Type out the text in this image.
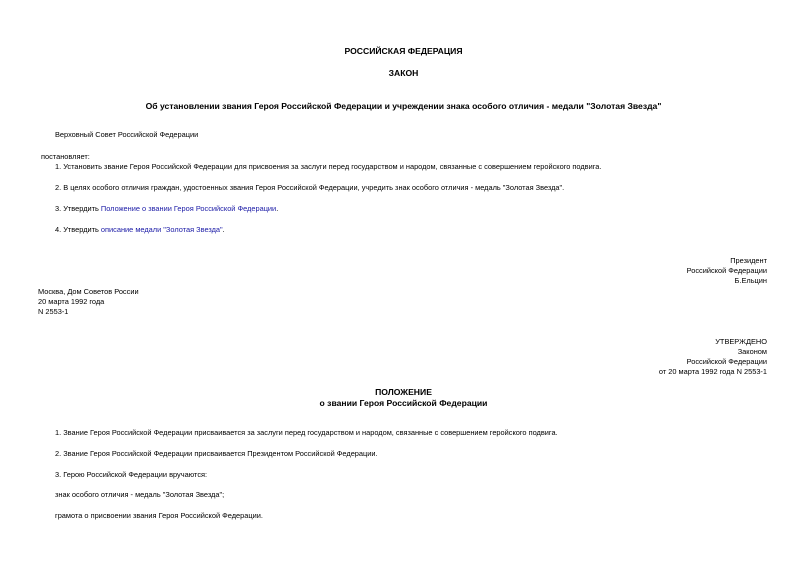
РОССИЙСКАЯ ФЕДЕРАЦИЯ
ЗАКОН
Об установлении звания Героя Российской Федерации и учреждении знака особого отличия - медали "Золотая Звезда"
Верховный Совет Российской Федерации
постановляет:
1. Установить звание Героя Российской Федерации для присвоения за заслуги перед государством и народом, связанные с совершением геройского подвига.
2. В целях особого отличия граждан, удостоенных звания Героя Российской Федерации, учредить знак особого отличия - медаль "Золотая Звезда".
3. Утвердить Положение о звании Героя Российской Федерации.
4. Утвердить описание медали "Золотая Звезда".
Президент
Российской Федерации
Б.Ельцин
Москва, Дом Советов России
20 марта 1992 года
N 2553-1
УТВЕРЖДЕНО
Законом
Российской Федерации
от 20 марта 1992 года N 2553-1
ПОЛОЖЕНИЕ
о звании Героя Российской Федерации
1. Звание Героя Российской Федерации присваивается за заслуги перед государством и народом, связанные с совершением геройского подвига.
2. Звание Героя Российской Федерации присваивается Президентом Российской Федерации.
3. Герою Российской Федерации вручаются:
знак особого отличия - медаль "Золотая Звезда";
грамота о присвоении звания Героя Российской Федерации.
